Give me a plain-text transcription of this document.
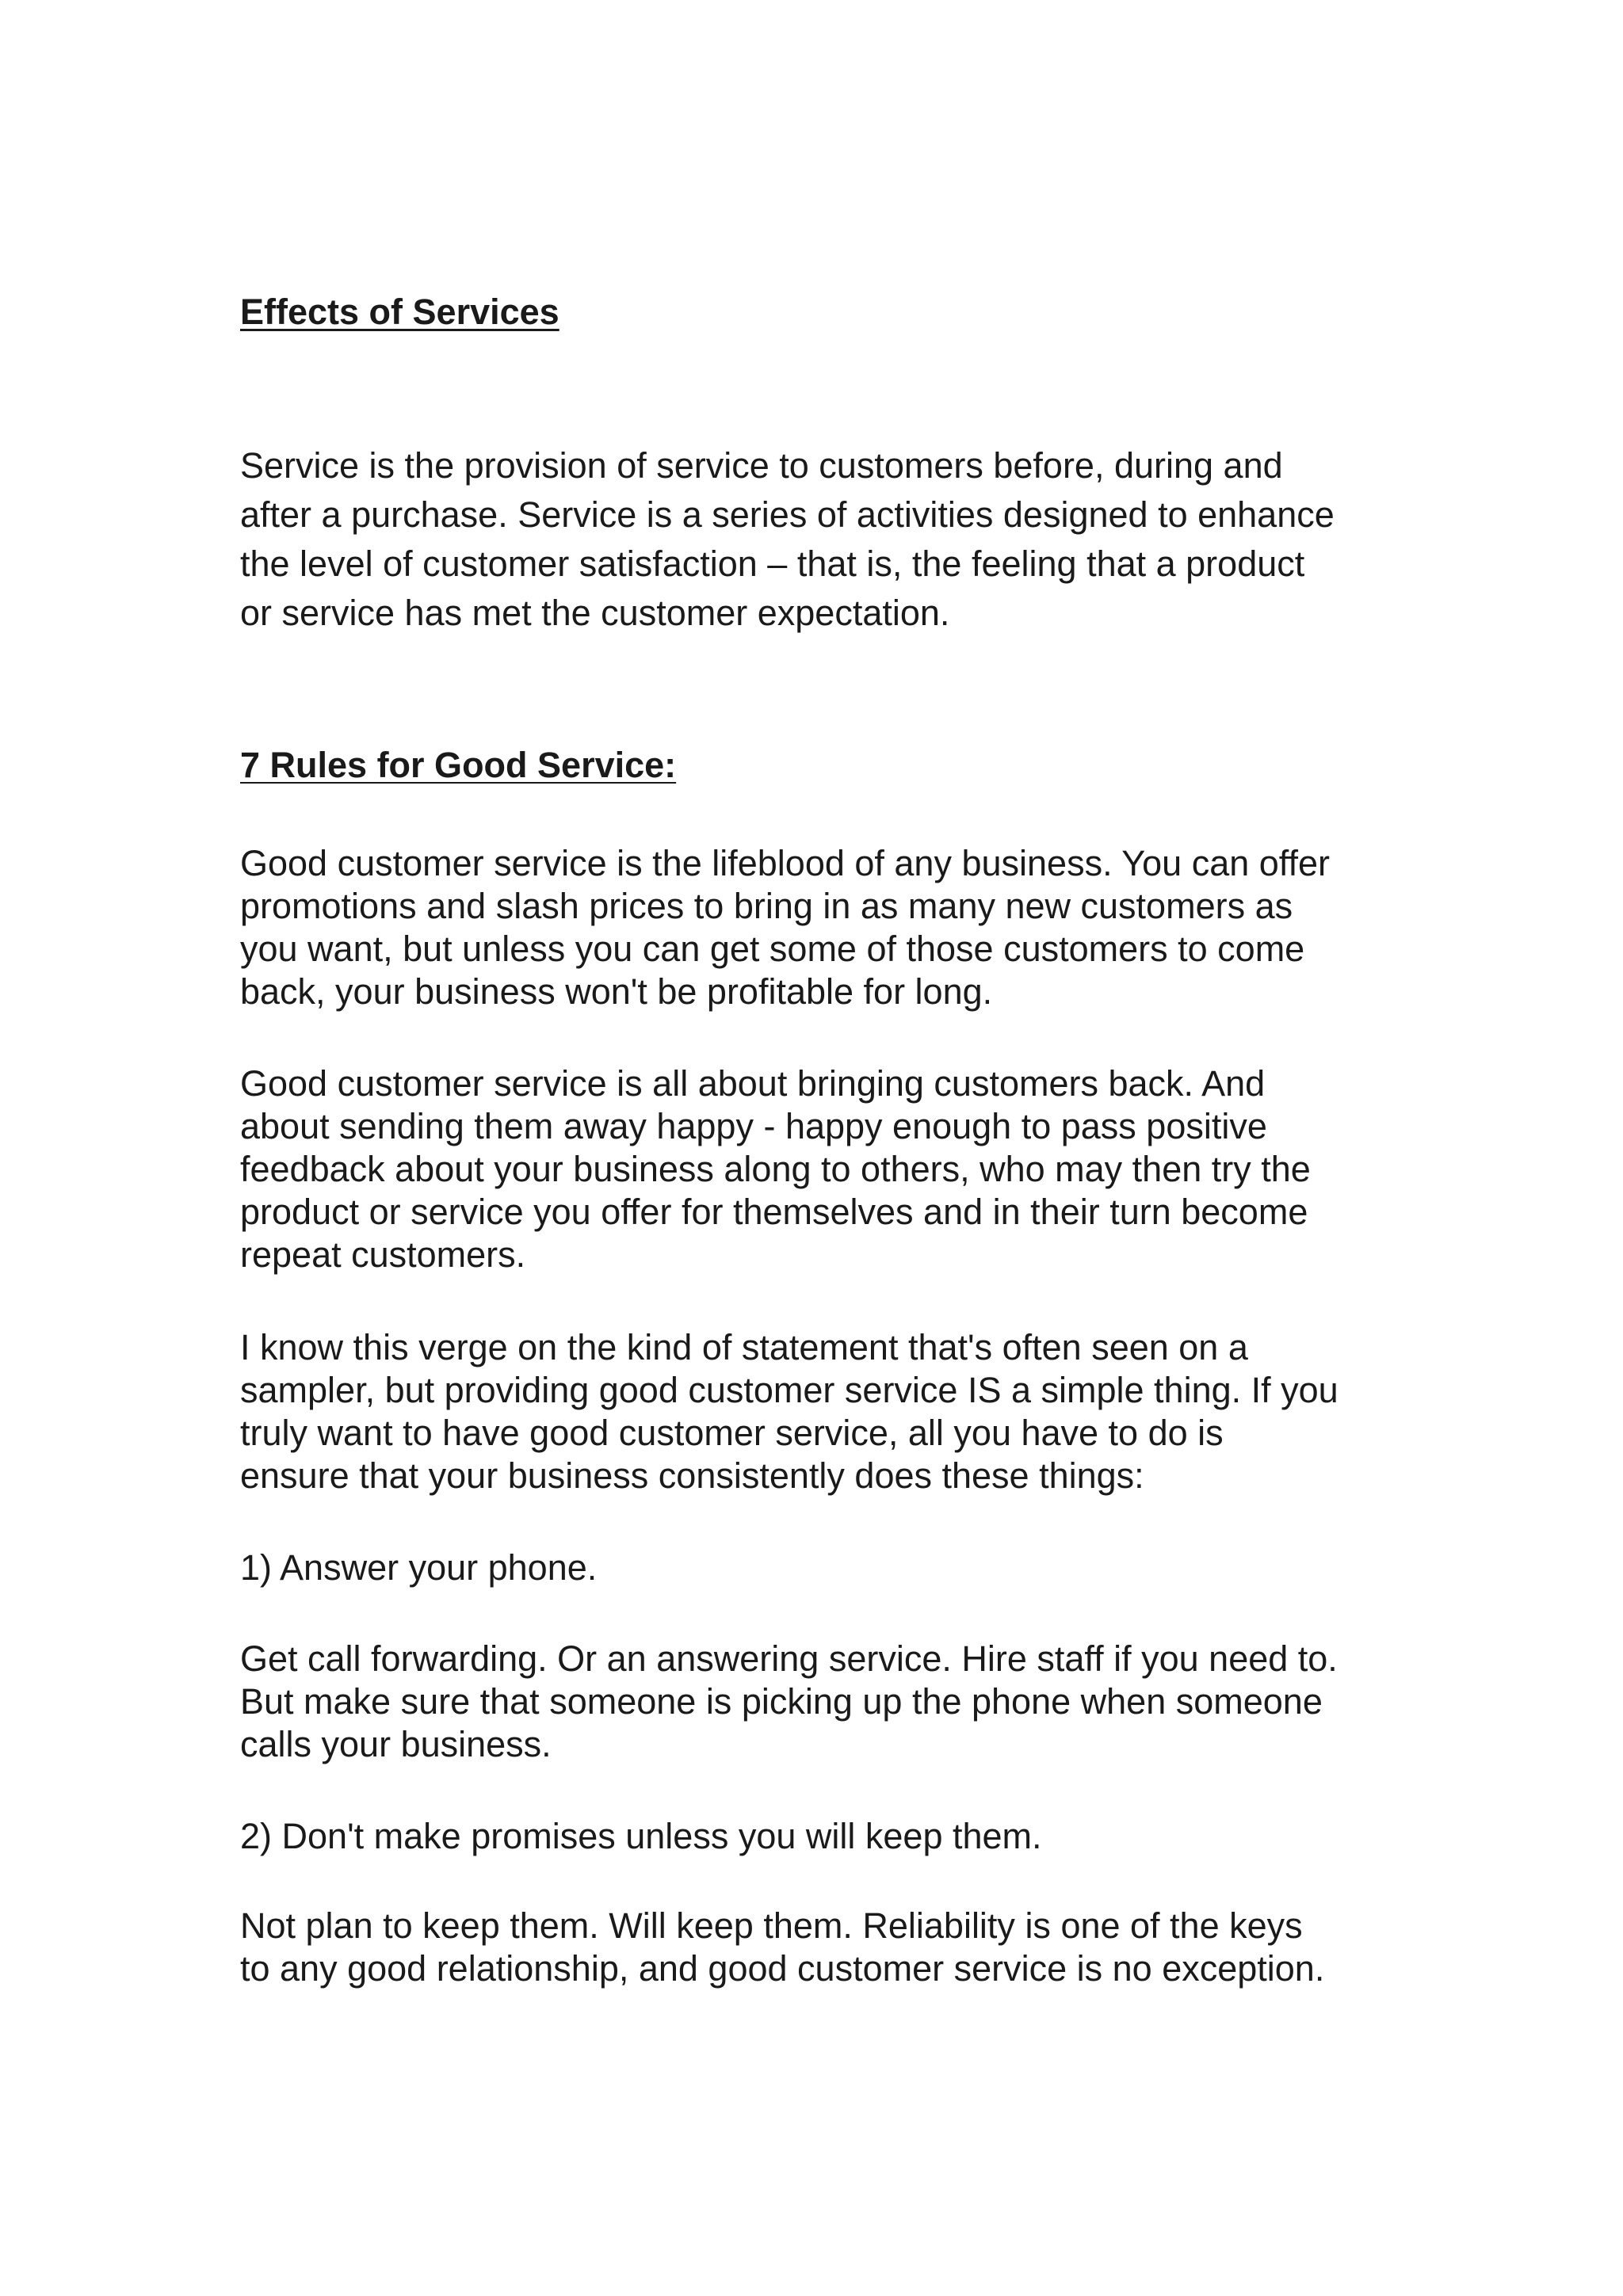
Effects of Services

Service is the provision of service to customers before, during and
after a purchase. Service is a series of activities designed to enhance
the level of customer satisfaction – that is, the feeling that a product
or service has met the customer expectation.

7 Rules for Good Service:

Good customer service is the lifeblood of any business. You can offer
promotions and slash prices to bring in as many new customers as
you want, but unless you can get some of those customers to come
back, your business won't be profitable for long.

Good customer service is all about bringing customers back. And
about sending them away happy - happy enough to pass positive
feedback about your business along to others, who may then try the
product or service you offer for themselves and in their turn become
repeat customers.

I know this verge on the kind of statement that's often seen on a
sampler, but providing good customer service IS a simple thing. If you
truly want to have good customer service, all you have to do is
ensure that your business consistently does these things:

1) Answer your phone.

Get call forwarding. Or an answering service. Hire staff if you need to.
But make sure that someone is picking up the phone when someone
calls your business.

2) Don't make promises unless you will keep them.

Not plan to keep them. Will keep them. Reliability is one of the keys
to any good relationship, and good customer service is no exception.
